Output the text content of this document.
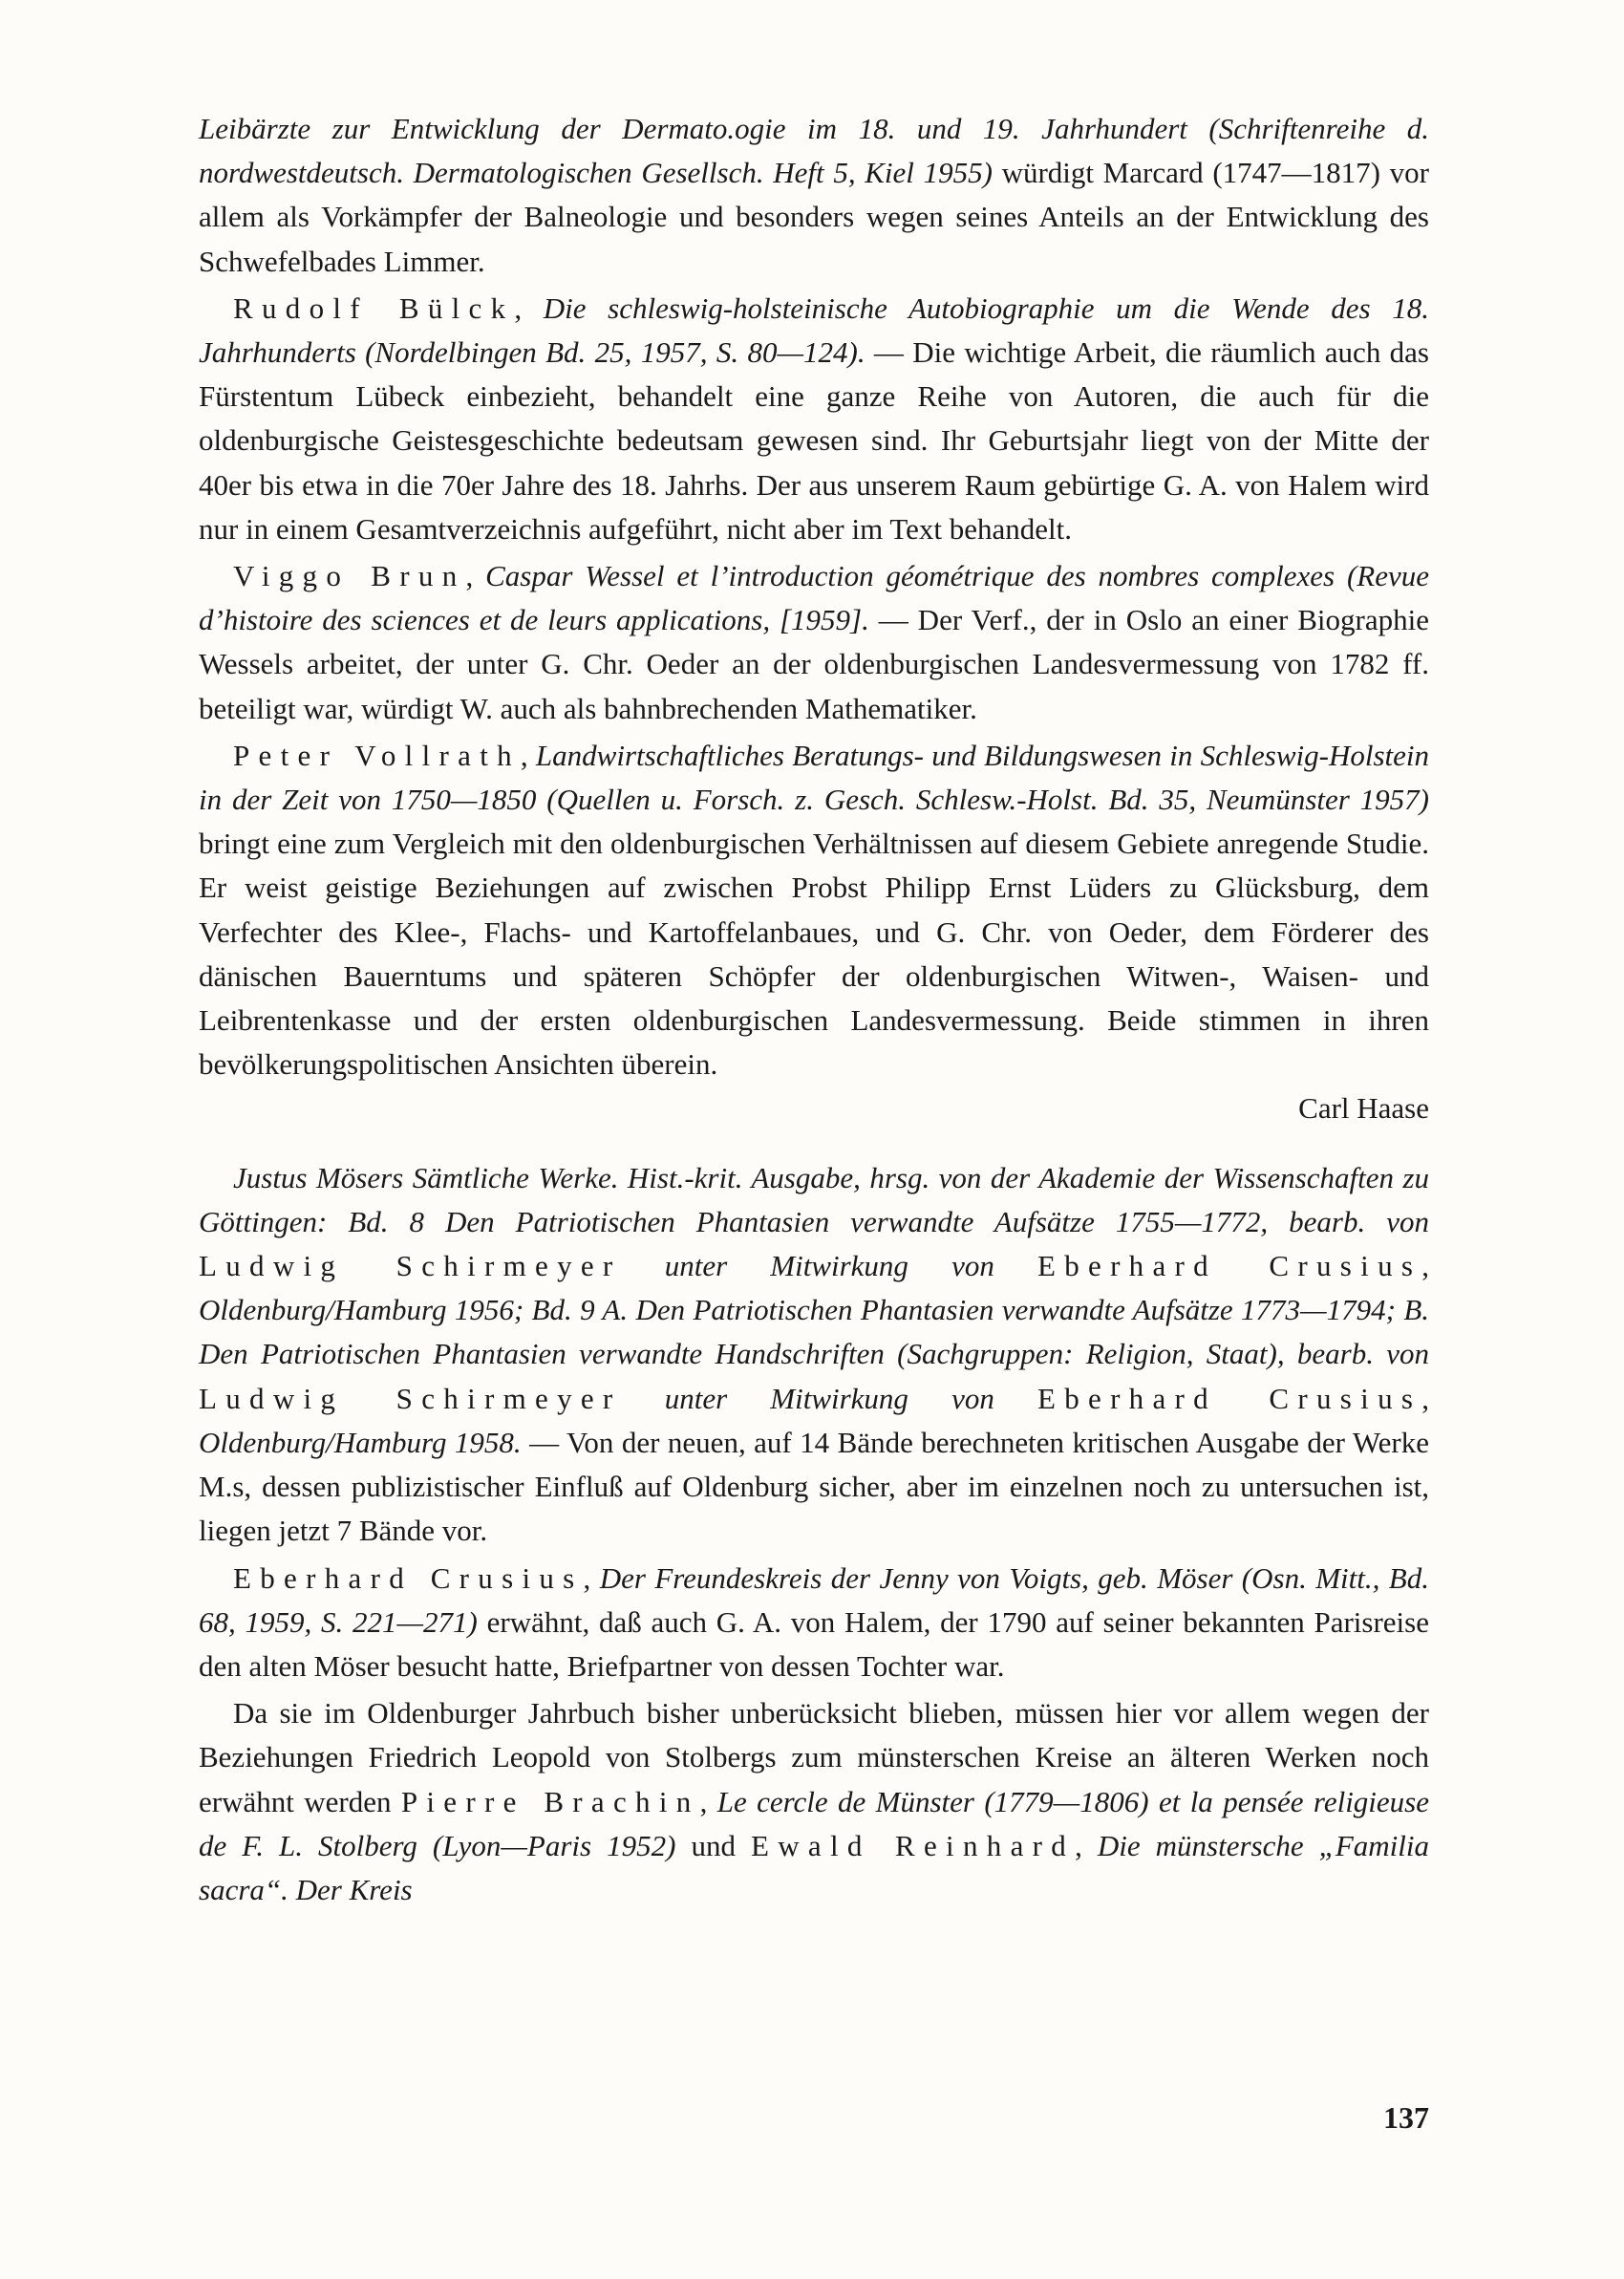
Leibärzte zur Entwicklung der Dermato.ogie im 18. und 19. Jahrhundert (Schriftenreihe d. nordwestdeutsch. Dermatologischen Gesellsch. Heft 5, Kiel 1955) würdigt Marcard (1747—1817) vor allem als Vorkämpfer der Balneologie und besonders wegen seines Anteils an der Entwicklung des Schwefelbades Limmer.

Rudolf Bülck, Die schleswig-holsteinische Autobiographie um die Wende des 18. Jahrhunderts (Nordelbingen Bd. 25, 1957, S. 80—124). — Die wichtige Arbeit, die räumlich auch das Fürstentum Lübeck einbezieht, behandelt eine ganze Reihe von Autoren, die auch für die oldenburgische Geistesgeschichte bedeutsam gewesen sind. Ihr Geburtsjahr liegt von der Mitte der 40er bis etwa in die 70er Jahre des 18. Jahrhs. Der aus unserem Raum gebürtige G. A. von Halem wird nur in einem Gesamtverzeichnis aufgeführt, nicht aber im Text behandelt.

Viggo Brun, Caspar Wessel et l’introduction géométrique des nombres complexes (Revue d’histoire des sciences et de leurs applications, [1959]. — Der Verf., der in Oslo an einer Biographie Wessels arbeitet, der unter G. Chr. Oeder an der oldenburgischen Landesvermessung von 1782 ff. beteiligt war, würdigt W. auch als bahnbrechenden Mathematiker.

Peter Vollrath, Landwirtschaftliches Beratungs- und Bildungswesen in Schleswig-Holstein in der Zeit von 1750—1850 (Quellen u. Forsch. z. Gesch. Schlesw.-Holst. Bd. 35, Neumünster 1957) bringt eine zum Vergleich mit den oldenburgischen Verhältnissen auf diesem Gebiete anregende Studie. Er weist geistige Beziehungen auf zwischen Probst Philipp Ernst Lüders zu Glücksburg, dem Verfechter des Klee-, Flachs- und Kartoffelanbaues, und G. Chr. von Oeder, dem Förderer des dänischen Bauerntums und späteren Schöpfer der oldenburgischen Witwen-, Waisen- und Leibrentenkasse und der ersten oldenburgischen Landesvermessung. Beide stimmen in ihren bevölkerungspolitischen Ansichten überein.

Carl Haase

Justus Mösers Sämtliche Werke. Hist.-krit. Ausgabe, hrsg. von der Akademie der Wissenschaften zu Göttingen: Bd. 8 Den Patriotischen Phantasien verwandte Aufsätze 1755—1772, bearb. von Ludwig Schirmeyer unter Mitwirkung von Eberhard Crusius, Oldenburg/Hamburg 1956; Bd. 9 A. Den Patriotischen Phantasien verwandte Aufsätze 1773—1794; B. Den Patriotischen Phantasien verwandte Handschriften (Sachgruppen: Religion, Staat), bearb. von Ludwig Schirmeyer unter Mitwirkung von Eberhard Crusius, Oldenburg/Hamburg 1958. — Von der neuen, auf 14 Bände berechneten kritischen Ausgabe der Werke M.s, dessen publizistischer Einfluß auf Oldenburg sicher, aber im einzelnen noch zu untersuchen ist, liegen jetzt 7 Bände vor.

Eberhard Crusius, Der Freundeskreis der Jenny von Voigts, geb. Möser (Osn. Mitt., Bd. 68, 1959, S. 221—271) erwähnt, daß auch G. A. von Halem, der 1790 auf seiner bekannten Parisreise den alten Möser besucht hatte, Briefpartner von dessen Tochter war.

Da sie im Oldenburger Jahrbuch bisher unberücksicht blieben, müssen hier vor allem wegen der Beziehungen Friedrich Leopold von Stolbergs zum münsterschen Kreise an älteren Werken noch erwähnt werden Pierre Brachin, Le cercle de Münster (1779—1806) et la pensée religieuse de F. L. Stolberg (Lyon—Paris 1952) und Ewald Reinhard, Die münstersche „Familia sacra“. Der Kreis

137
